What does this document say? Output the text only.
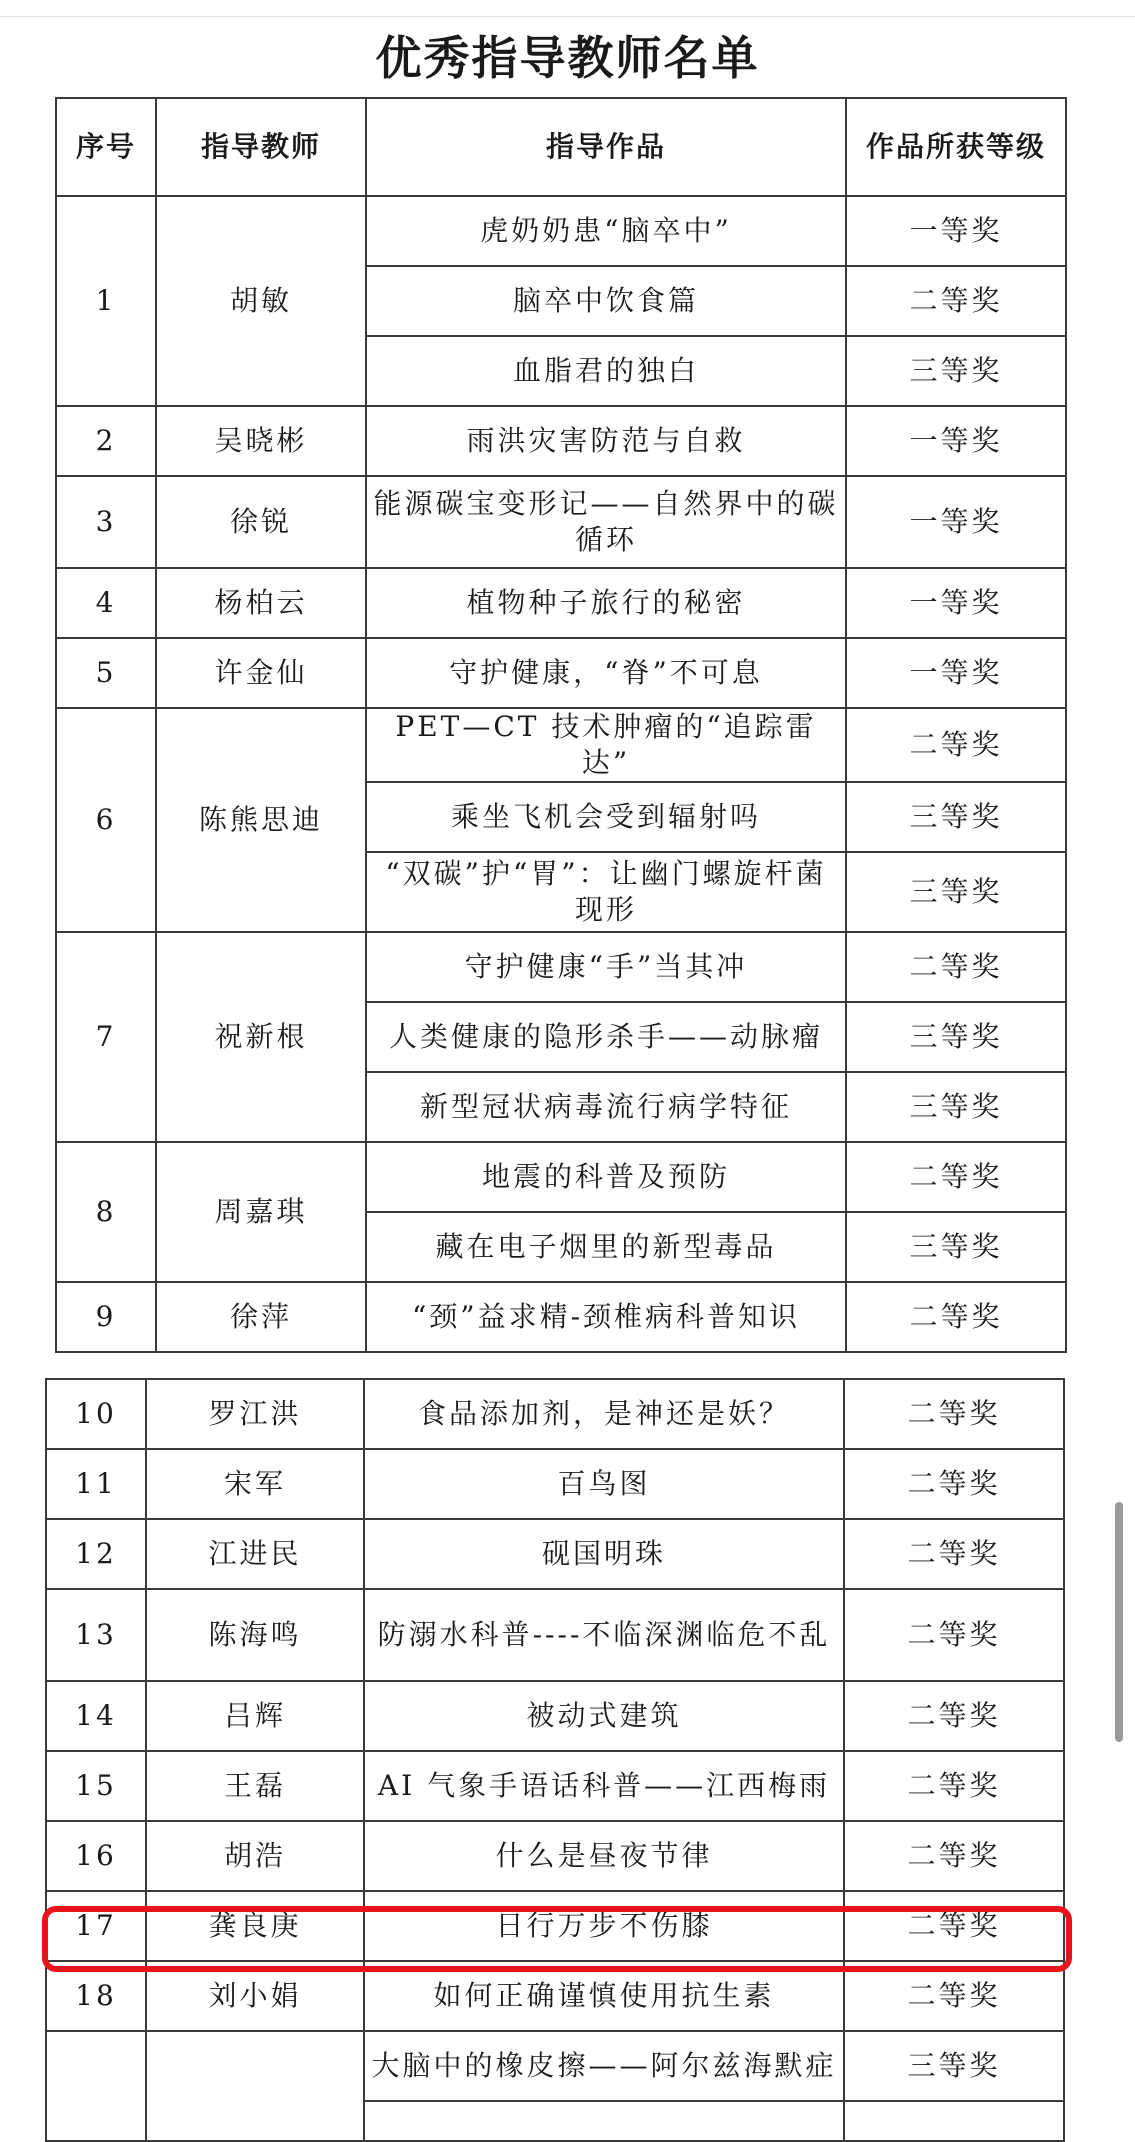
优秀指导教师名单
序号	指导教师	指导作品	作品所获等级
1	胡敏	虎奶奶患“脑卒中”	一等奖
		脑卒中饮食篇	二等奖
		血脂君的独白	三等奖
2	吴晓彬	雨洪灾害防范与自救	一等奖
3	徐锐	能源碳宝变形记——自然界中的碳循环	一等奖
4	杨柏云	植物种子旅行的秘密	一等奖
5	许金仙	守护健康，“脊”不可息	一等奖
6	陈熊思迪	PET—CT 技术肿瘤的“追踪雷达”	二等奖
		乘坐飞机会受到辐射吗	三等奖
		“双碳”护“胃”：让幽门螺旋杆菌现形	三等奖
7	祝新根	守护健康“手”当其冲	二等奖
		人类健康的隐形杀手——动脉瘤	三等奖
		新型冠状病毒流行病学特征	三等奖
8	周嘉琪	地震的科普及预防	二等奖
		藏在电子烟里的新型毒品	三等奖
9	徐萍	“颈”益求精-颈椎病科普知识	二等奖
10	罗江洪	食品添加剂，是神还是妖？	二等奖
11	宋军	百鸟图	二等奖
12	江进民	砚国明珠	二等奖
13	陈海鸣	防溺水科普----不临深渊临危不乱	二等奖
14	吕辉	被动式建筑	二等奖
15	王磊	AI 气象手语话科普——江西梅雨	二等奖
16	胡浩	什么是昼夜节律	二等奖
17	龚良庚	日行万步不伤膝	二等奖
18	刘小娟	如何正确谨慎使用抗生素	二等奖
		大脑中的橡皮擦——阿尔兹海默症	三等奖
